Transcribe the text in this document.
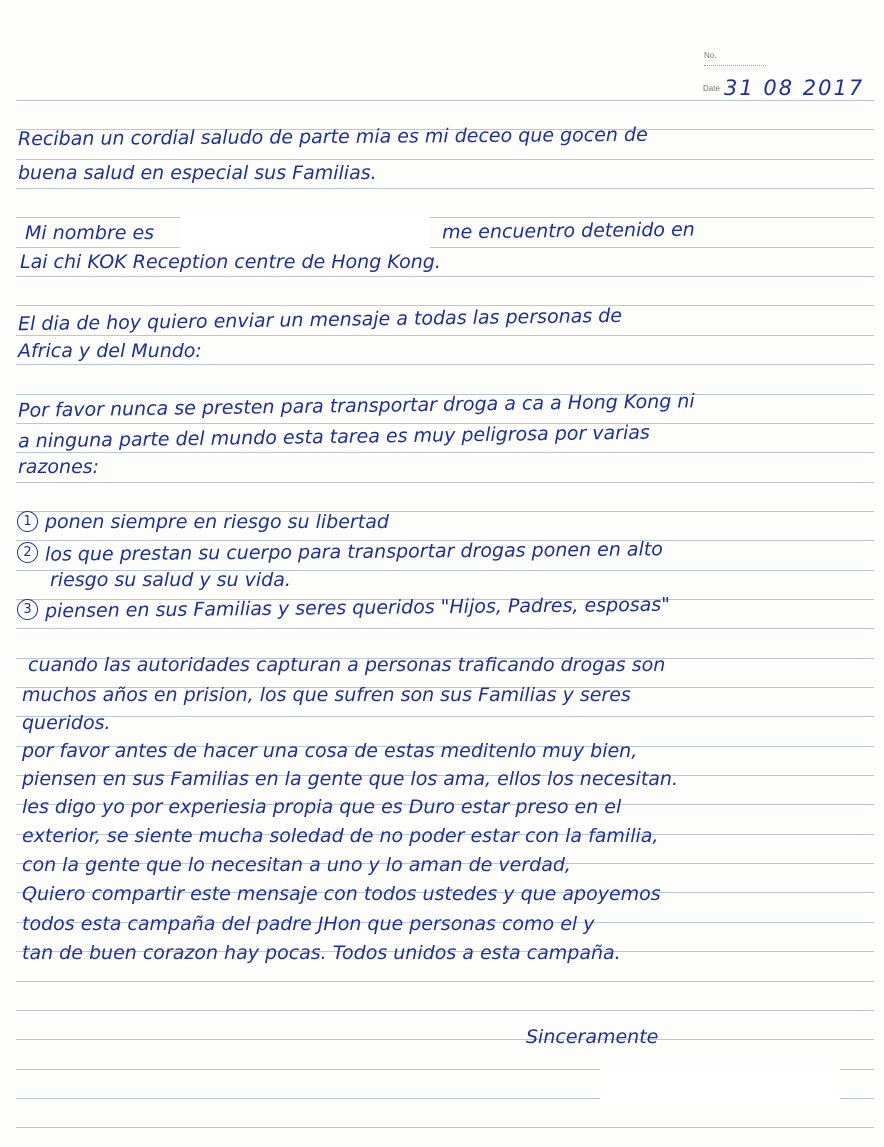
No.
Date 31 08 2017
Reciban un cordial saludo de parte mia es mi deceo que gocen de
buena salud en especial sus Familias.
Mi nombre es	me encuentro detenido en
Lai chi KOK Reception centre de Hong Kong.
El dia de hoy quiero enviar un mensaje a todas las personas de
Africa y del Mundo:
Por favor nunca se presten para transportar droga a ca a Hong Kong ni
a ninguna parte del mundo esta tarea es muy peligrosa por varias
razones:
1 ponen siempre en riesgo su libertad
2 los que prestan su cuerpo para transportar drogas ponen en alto
riesgo su salud y su vida.
3 piensen en sus Familias y seres queridos "Hijos, Padres, esposas"
cuando las autoridades capturan a personas traficando drogas son
muchos años en prision, los que sufren son sus Familias y seres
queridos.
por favor antes de hacer una cosa de estas meditenlo muy bien,
piensen en sus Familias en la gente que los ama, ellos los necesitan.
les digo yo por experiesia propia que es Duro estar preso en el
exterior, se siente mucha soledad de no poder estar con la familia,
con la gente que lo necesitan a uno y lo aman de verdad,
Quiero compartir este mensaje con todos ustedes y que apoyemos
todos esta campaña del padre JHon que personas como el y
tan de buen corazon hay pocas. Todos unidos a esta campaña.
Sinceramente
